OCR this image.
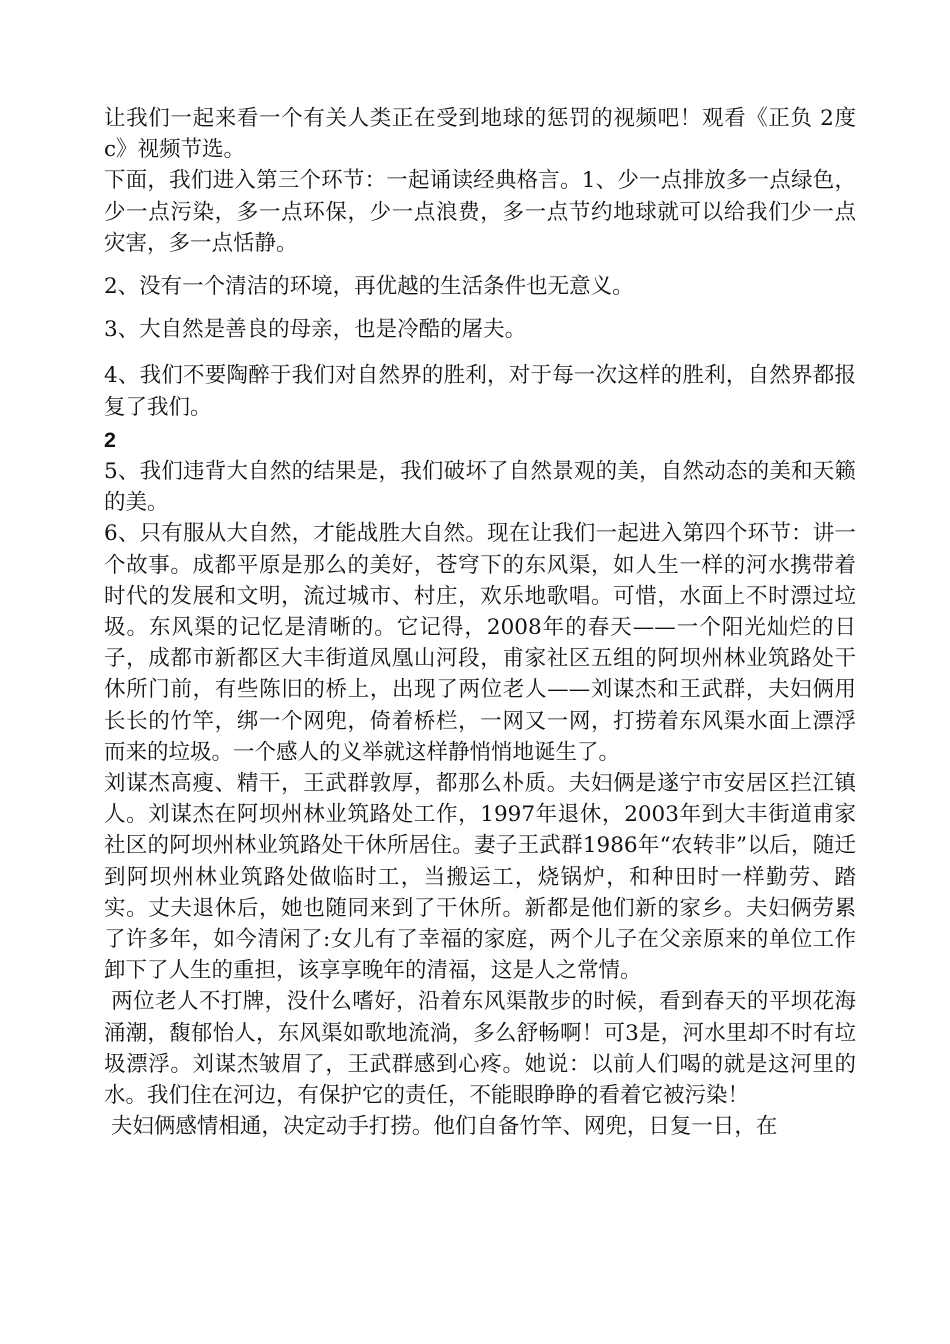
让我们一起来看一个有关人类正在受到地球的惩罚的视频吧！观看《正负 2度c》视频节选。

下面，我们进入第三个环节：一起诵读经典格言。1、少一点排放多一点绿色，少一点污染，多一点环保，少一点浪费，多一点节约地球就可以给我们少一点灾害，多一点恬静。

2、没有一个清洁的环境，再优越的生活条件也无意义。

3、大自然是善良的母亲，也是冷酷的屠夫。

4、我们不要陶醉于我们对自然界的胜利，对于每一次这样的胜利，自然界都报复了我们。

2

5、我们违背大自然的结果是，我们破坏了自然景观的美，自然动态的美和天籁的美。

6、只有服从大自然，才能战胜大自然。现在让我们一起进入第四个环节：讲一个故事。成都平原是那么的美好，苍穹下的东风渠，如人生一样的河水携带着时代的发展和文明，流过城市、村庄，欢乐地歌唱。可惜，水面上不时漂过垃圾。东风渠的记忆是清晰的。它记得，2008年的春天——一个阳光灿烂的日子，成都市新都区大丰街道凤凰山河段，甫家社区五组的阿坝州林业筑路处干休所门前，有些陈旧的桥上，出现了两位老人——刘谋杰和王武群，夫妇俩用长长的竹竿，绑一个网兜，倚着桥栏，一网又一网，打捞着东风渠水面上漂浮而来的垃圾。一个感人的义举就这样静悄悄地诞生了。

刘谋杰高瘦、精干，王武群敦厚，都那么朴质。夫妇俩是遂宁市安居区拦江镇人。刘谋杰在阿坝州林业筑路处工作，1997年退休，2003年到大丰街道甫家社区的阿坝州林业筑路处干休所居住。妻子王武群1986年“农转非”以后，随迁到阿坝州林业筑路处做临时工，当搬运工，烧锅炉，和种田时一样勤劳、踏实。丈夫退休后，她也随同来到了干休所。新都是他们新的家乡。夫妇俩劳累了许多年，如今清闲了:女儿有了幸福的家庭，两个儿子在父亲原来的单位工作卸下了人生的重担，该享享晚年的清福，这是人之常情。

两位老人不打牌，没什么嗜好，沿着东风渠散步的时候，看到春天的平坝花海涌潮，馥郁怡人，东风渠如歌地流淌，多么舒畅啊！可3是，河水里却不时有垃圾漂浮。刘谋杰皱眉了，王武群感到心疼。她说：以前人们喝的就是这河里的水。我们住在河边，有保护它的责任，不能眼睁睁的看着它被污染！

夫妇俩感情相通，决定动手打捞。他们自备竹竿、网兜，日复一日，在
